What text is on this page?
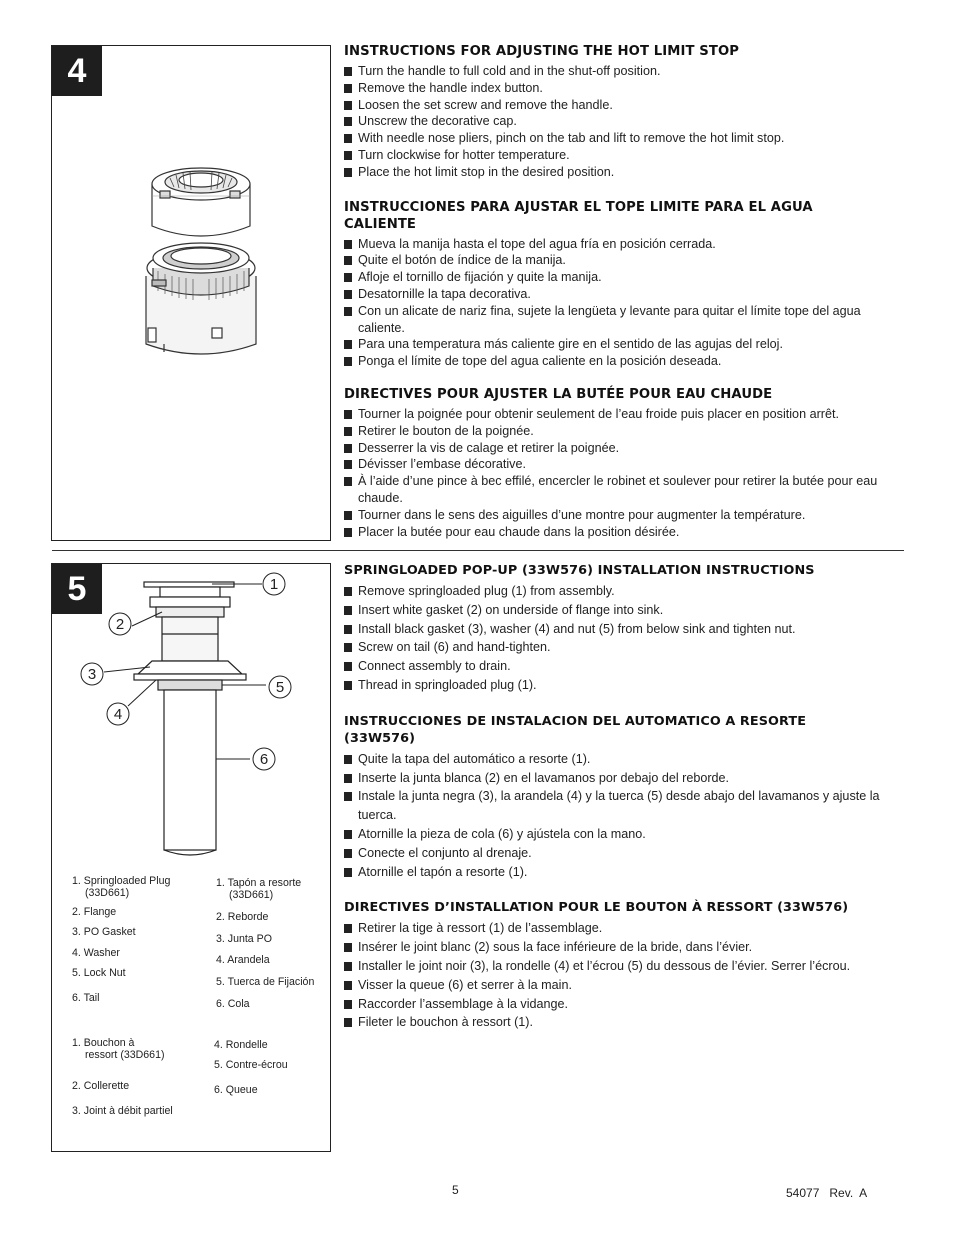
4	INSTRUCTIONS FOR ADJUSTING THE HOT LIMIT STOP
Turn the handle to full cold and in the shut-off position.
Remove the handle index button.
Loosen the set screw and remove the handle.
Unscrew the decorative cap.
With needle nose pliers, pinch on the tab and lift to remove the hot limit stop.
Turn clockwise for hotter temperature.
Place the hot limit stop in the desired position.
INSTRUCCIONES PARA AJUSTAR EL TOPE LIMITE PARA EL AGUA CALIENTE
Mueva la manija hasta el tope del agua fría en posición cerrada.
Quite el botón de índice de la manija.
Afloje el tornillo de fijación y quite la manija.
Desatornille la tapa decorativa.
Con un alicate de nariz fina, sujete la lengüeta y levante para quitar el límite tope del agua caliente.
Para una temperatura más caliente gire en el sentido de las agujas del reloj.
Ponga el límite de tope del agua caliente en la posición deseada.
DIRECTIVES POUR AJUSTER LA BUTÉE POUR EAU CHAUDE
Tourner la poignée pour obtenir seulement de l’eau froide puis placer en position arrêt.
Retirer le bouton de la poignée.
Desserrer la vis de calage et retirer la poignée.
Dévisser l’embase décorative.
À l’aide d’une pince à bec effilé, encercler le robinet et soulever pour retirer la butée pour eau chaude.
Tourner dans le sens des aiguilles d’une montre pour augmenter la température.
Placer la butée pour eau chaude dans la position désirée.
5	1
2
3
4
5
6
1. Springloaded Plug (33D661)
2. Flange
3. PO Gasket
4. Washer
5. Lock Nut
6. Tail
1. Tapón a resorte (33D661)
2. Reborde
3. Junta PO
4. Arandela
5. Tuerca de Fijación
6. Cola
1. Bouchon à ressort (33D661)
2. Collerette
3. Joint à débit partiel
4. Rondelle
5. Contre-écrou
6. Queue
SPRINGLOADED POP-UP (33W576) INSTALLATION INSTRUCTIONS
Remove springloaded plug (1) from assembly.
Insert white gasket (2) on underside of flange into sink.
Install black gasket (3), washer (4) and nut (5) from below sink and tighten nut.
Screw on tail (6) and hand-tighten.
Connect assembly to drain.
Thread in springloaded plug (1).
INSTRUCCIONES DE INSTALACION DEL AUTOMATICO A RESORTE (33W576)
Quite la tapa del automático a resorte (1).
Inserte la junta blanca (2) en el lavamanos por debajo del reborde.
Instale la junta negra (3), la arandela (4) y la tuerca (5) desde abajo del lavamanos y ajuste la tuerca.
Atornille la pieza de cola (6) y ajústela con la mano.
Conecte el conjunto al drenaje.
Atornille el tapón a resorte (1).
DIRECTIVES D’INSTALLATION POUR LE BOUTON À RESSORT (33W576)
Retirer la tige à ressort (1) de l’assemblage.
Insérer le joint blanc (2) sous la face inférieure de la bride, dans l’évier.
Installer le joint noir (3), la rondelle (4) et l’écrou (5) du dessous de l’évier. Serrer l’écrou.
Visser la queue (6) et serrer à la main.
Raccorder l’assemblage à la vidange.
Fileter le bouchon à ressort (1).
5	54077   Rev.  A
